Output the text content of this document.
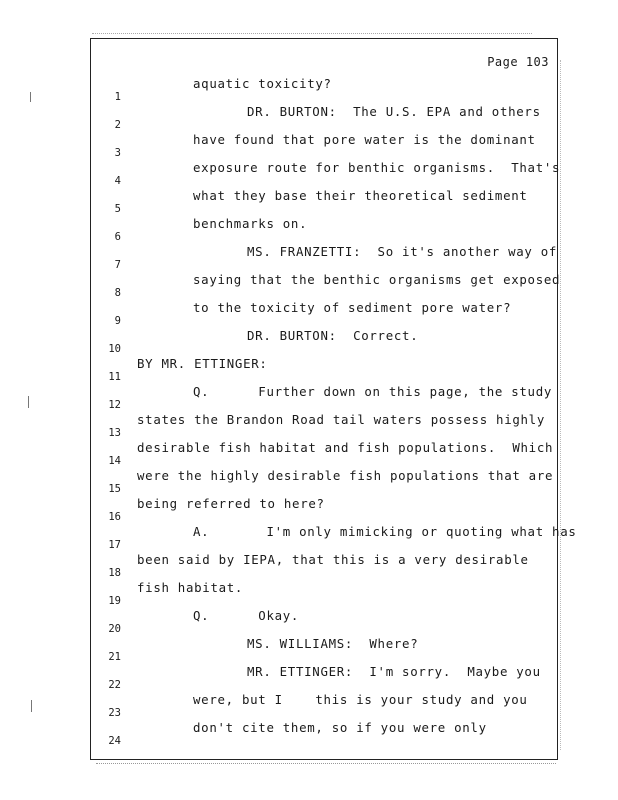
Page 103

1

aquatic toxicity?

2

DR. BURTON:  The U.S. EPA and others

3

have found that pore water is the dominant

4

exposure route for benthic organisms.  That's

5

what they base their theoretical sediment

6

benchmarks on.

7

MS. FRANZETTI:  So it's another way of

8

saying that the benthic organisms get exposed

9

to the toxicity of sediment pore water?

10

DR. BURTON:  Correct.

11

BY MR. ETTINGER:

12

Q.      Further down on this page, the study

13

states the Brandon Road tail waters possess highly

14

desirable fish habitat and fish populations.  Which

15

were the highly desirable fish populations that are

16

being referred to here?

17

A.       I'm only mimicking or quoting what has

18

been said by IEPA, that this is a very desirable

19

fish habitat.

20

Q.      Okay.

21

MS. WILLIAMS:  Where?

22

MR. ETTINGER:  I'm sorry.  Maybe you

23

were, but I    this is your study and you

24

don't cite them, so if you were only
